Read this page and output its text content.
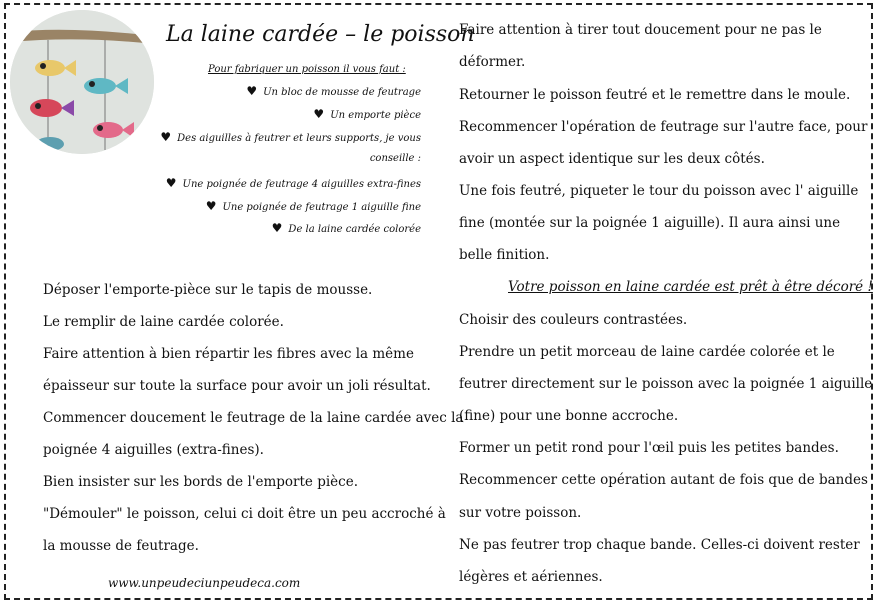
La laine cardée – le poisson
Pour fabriquer un poisson il vous faut :
♥ Un bloc de mousse de feutrage
♥ Un emporte pièce
♥ Des aiguilles à feutrer et leurs supports, je vous
conseille :
♥ Une poignée de feutrage 4 aiguilles extra-fines
♥ Une poignée de feutrage 1 aiguille fine
♥ De la laine cardée colorée
Déposer l'emporte-pièce sur le tapis de mousse.
Le remplir de laine cardée colorée.
Faire attention à bien répartir les fibres avec la même
épaisseur sur toute la surface pour avoir un joli résultat.
Commencer doucement le feutrage de la laine cardée avec la
poignée 4 aiguilles (extra-fines).
Bien insister sur les bords de l'emporte pièce.
"Démouler" le poisson, celui ci doit être un peu accroché à
la mousse de feutrage.
Faire attention à tirer tout doucement pour ne pas le
déformer.
Retourner le poisson feutré et le remettre dans le moule.
Recommencer l'opération de feutrage sur l'autre face, pour
avoir un aspect identique sur les deux côtés.
Une fois feutré, piqueter le tour du poisson avec l' aiguille
fine (montée sur la poignée 1 aiguille). Il aura ainsi une
belle finition.
Votre poisson en laine cardée est prêt à être décoré !
Choisir des couleurs contrastées.
Prendre un petit morceau de laine cardée colorée et le
feutrer directement sur le poisson avec la poignée 1 aiguille
(fine) pour une bonne accroche.
Former un petit rond pour l'œil puis les petites bandes.
Recommencer cette opération autant de fois que de bandes
sur votre poisson.
Ne pas feutrer trop chaque bande. Celles-ci doivent rester
légères et aériennes.
www.unpeudeciunpeudeca.com
